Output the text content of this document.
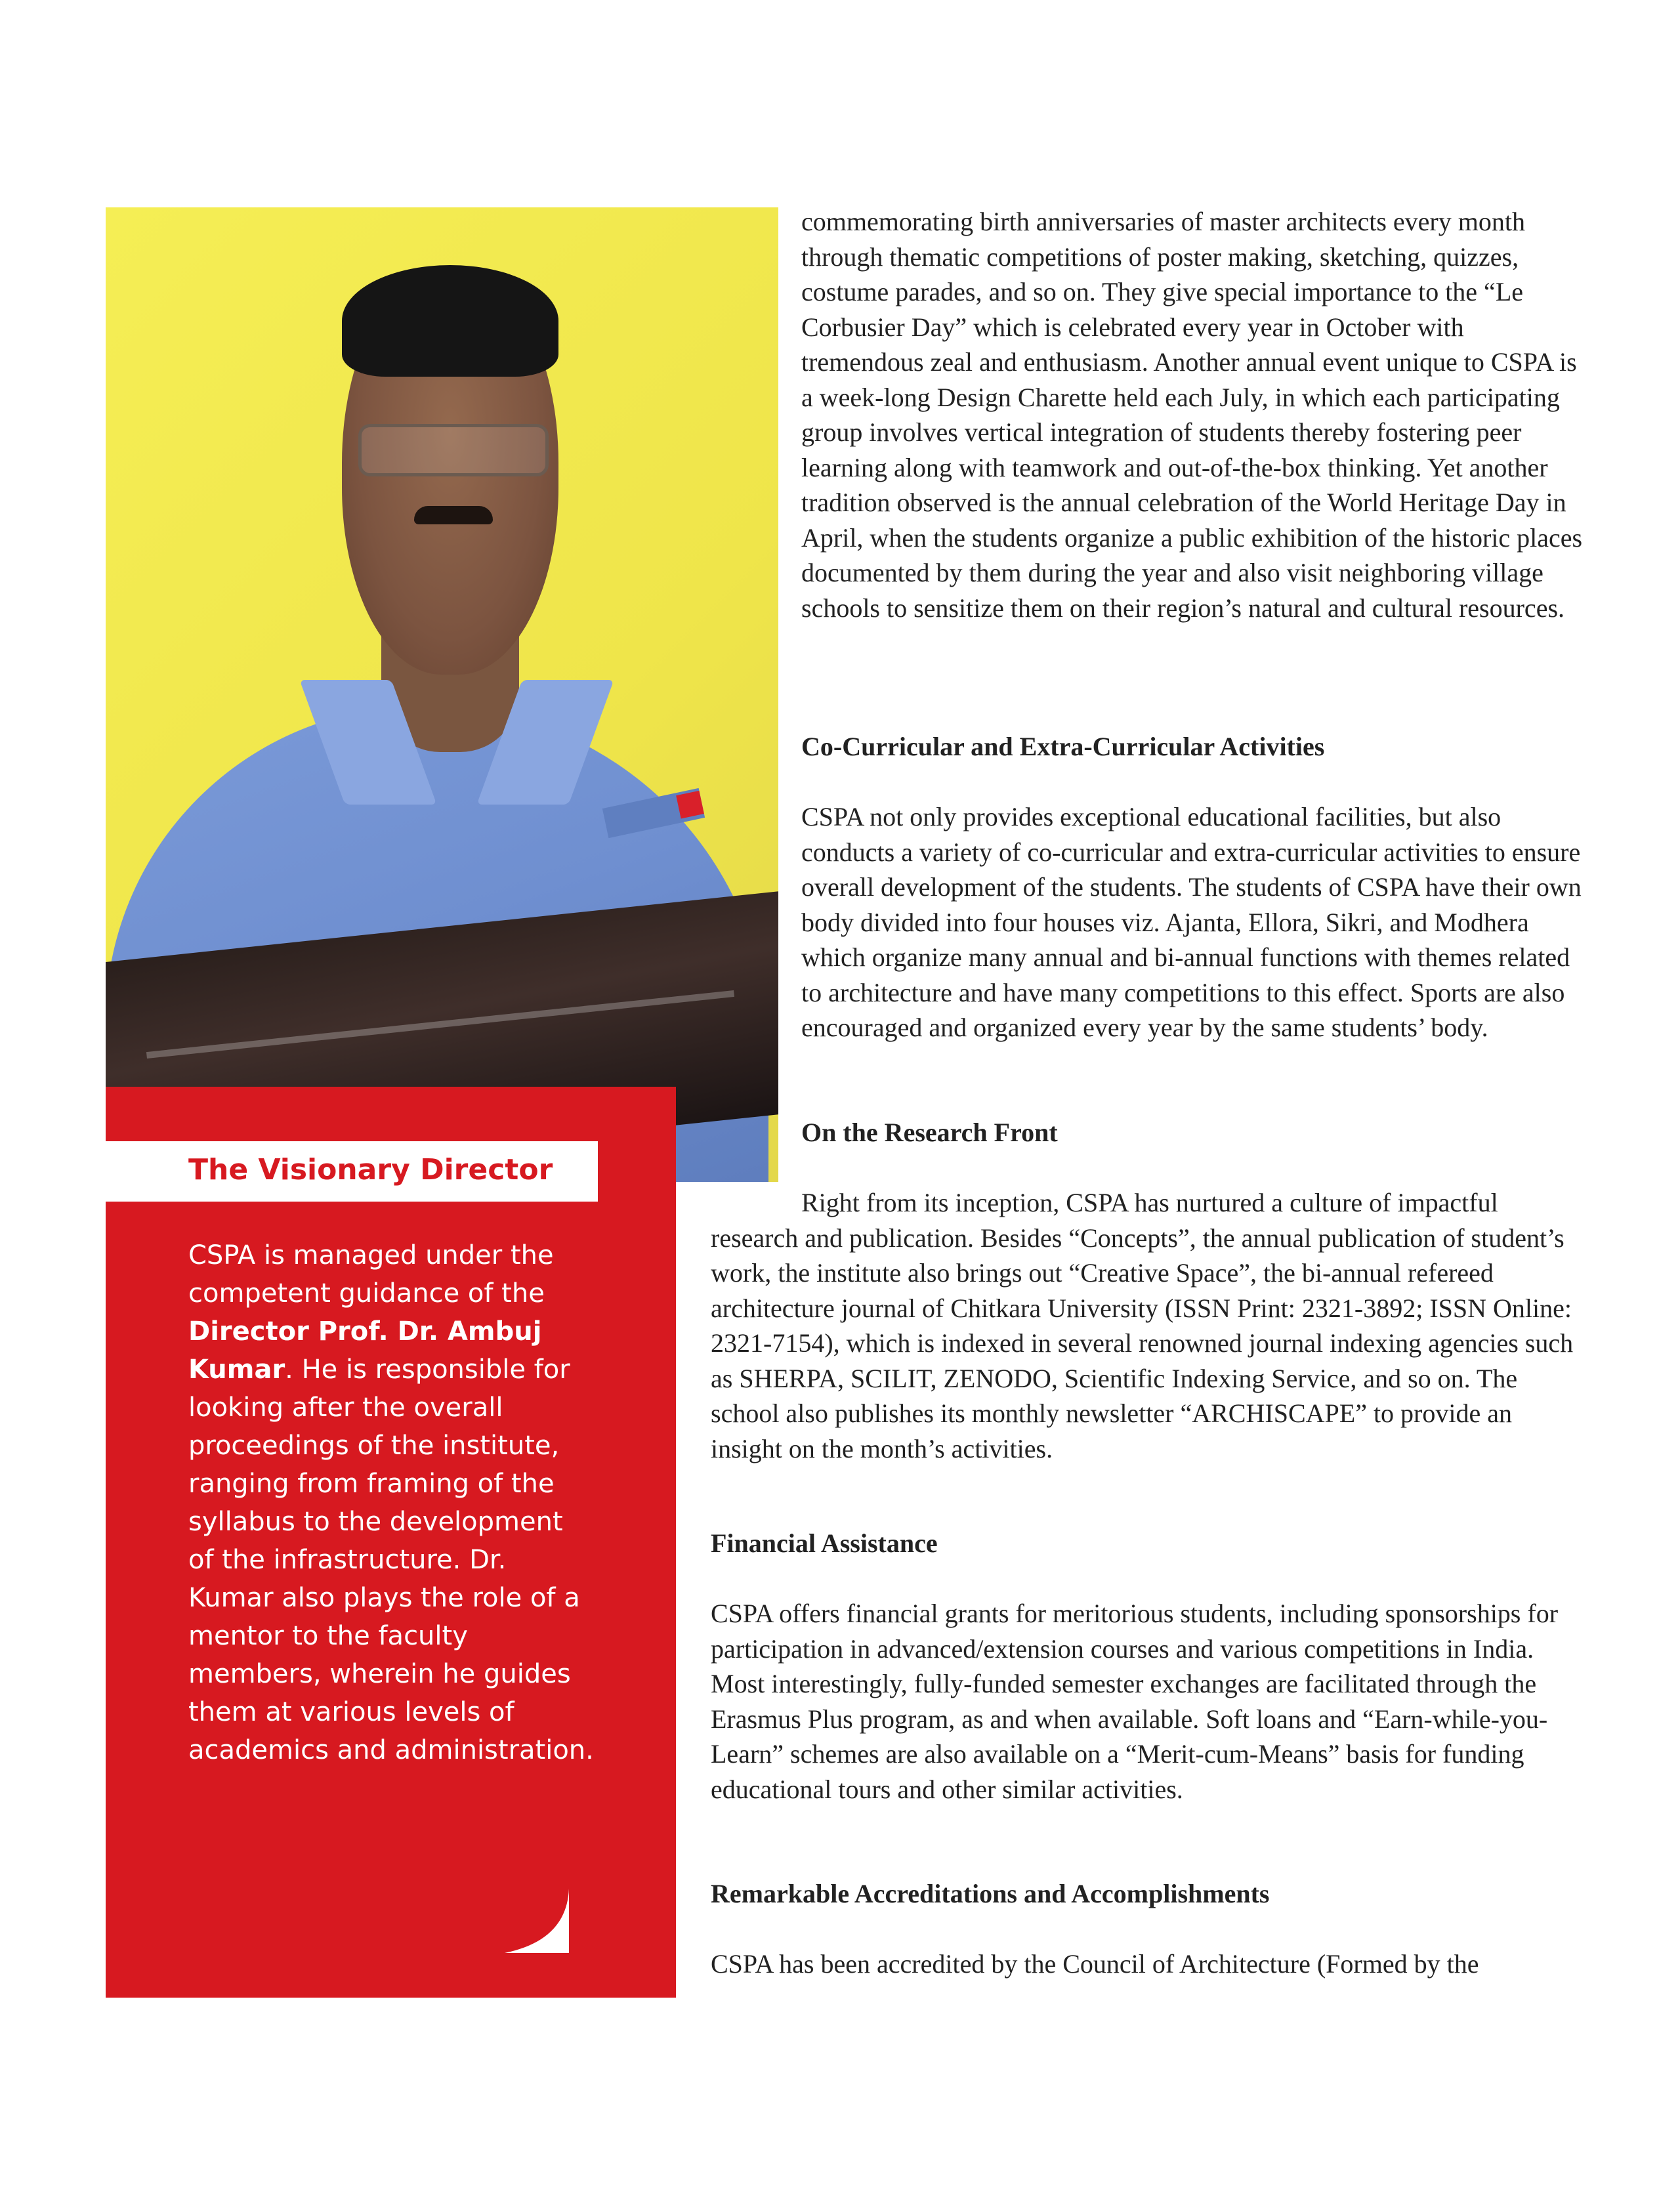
The Visionary Director
CSPA is managed under the competent guidance of the Director Prof. Dr. Ambuj Kumar. He is responsible for looking after the overall proceedings of the institute, ranging from framing of the syllabus to the development of the infrastructure. Dr. Kumar also plays the role of a mentor to the faculty members, wherein he guides them at various levels of academics and administration.

commemorating birth anniversaries of master architects every month through thematic competitions of poster making, sketching, quizzes, costume parades, and so on. They give special importance to the “Le Corbusier Day” which is celebrated every year in October with tremendous zeal and enthusiasm. Another annual event unique to CSPA is a week-long Design Charette held each July, in which each participating group involves vertical integration of students thereby fostering peer learning along with teamwork and out-of-the-box thinking. Yet another tradition observed is the annual celebration of the World Heritage Day in April, when the students organize a public exhibition of the historic places documented by them during the year and also visit neighboring village schools to sensitize them on their region’s natural and cultural resources.

Co-Curricular and Extra-Curricular Activities

CSPA not only provides exceptional educational facilities, but also conducts a variety of co-curricular and extra-curricular activities to ensure overall development of the students. The students of CSPA have their own body divided into four houses viz. Ajanta, Ellora, Sikri, and Modhera which organize many annual and bi-annual functions with themes related to architecture and have many competitions to this effect. Sports are also encouraged and organized every year by the same students’ body.

On the Research Front

Right from its inception, CSPA has nurtured a culture of impactful research and publication. Besides “Concepts”, the annual publication of student’s work, the institute also brings out “Creative Space”, the bi-annual refereed architecture journal of Chitkara University (ISSN Print: 2321-3892; ISSN Online: 2321-7154), which is indexed in several renowned journal indexing agencies such as SHERPA, SCILIT, ZENODO, Scientific Indexing Service, and so on. The school also publishes its monthly newsletter “ARCHISCAPE” to provide an insight on the month’s activities.

Financial Assistance

CSPA offers financial grants for meritorious students, including sponsorships for participation in advanced/extension courses and various competitions in India. Most interestingly, fully-funded semester exchanges are facilitated through the Erasmus Plus program, as and when available. Soft loans and “Earn-while-you-Learn” schemes are also available on a “Merit-cum-Means” basis for funding educational tours and other similar activities.

Remarkable Accreditations and Accomplishments

CSPA has been accredited by the Council of Architecture (Formed by the
